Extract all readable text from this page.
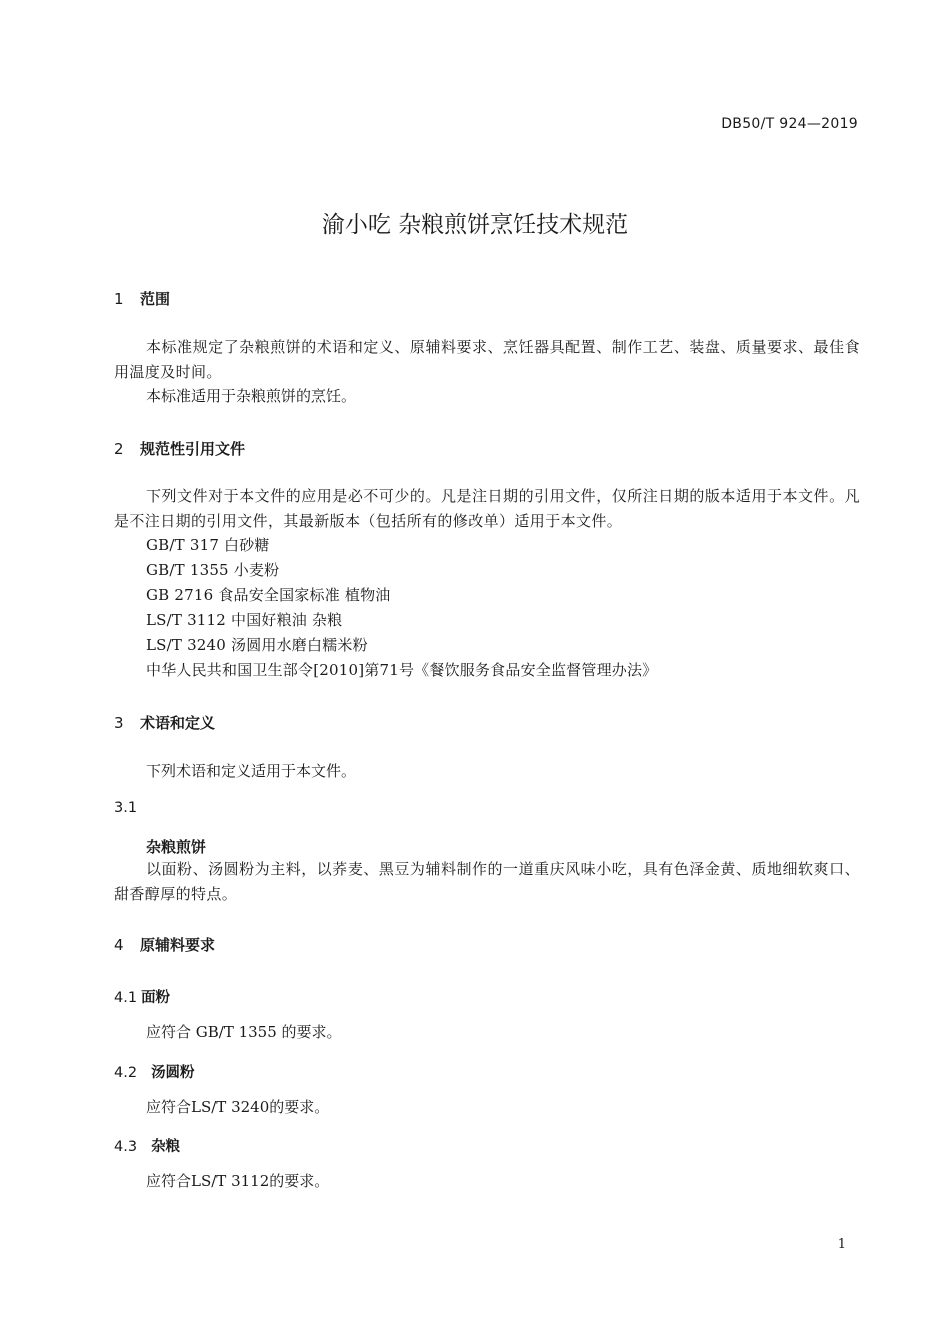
DB50/T 924—2019
渝小吃 杂粮煎饼烹饪技术规范
1 范围
本标准规定了杂粮煎饼的术语和定义、原辅料要求、烹饪器具配置、制作工艺、装盘、质量要求、最佳食用温度及时间。
本标准适用于杂粮煎饼的烹饪。
2 规范性引用文件
下列文件对于本文件的应用是必不可少的。凡是注日期的引用文件，仅所注日期的版本适用于本文件。凡是不注日期的引用文件，其最新版本（包括所有的修改单）适用于本文件。
GB/T 317 白砂糖
GB/T 1355 小麦粉
GB 2716 食品安全国家标准 植物油
LS/T 3112 中国好粮油 杂粮
LS/T 3240 汤圆用水磨白糯米粉
中华人民共和国卫生部令[2010]第71号《餐饮服务食品安全监督管理办法》
3 术语和定义
下列术语和定义适用于本文件。
3.1
杂粮煎饼
以面粉、汤圆粉为主料，以荞麦、黑豆为辅料制作的一道重庆风味小吃，具有色泽金黄、质地细软爽口、甜香醇厚的特点。
4 原辅料要求
4.1 面粉
应符合 GB/T 1355 的要求。
4.2 汤圆粉
应符合LS/T 3240的要求。
4.3 杂粮
应符合LS/T 3112的要求。
1
